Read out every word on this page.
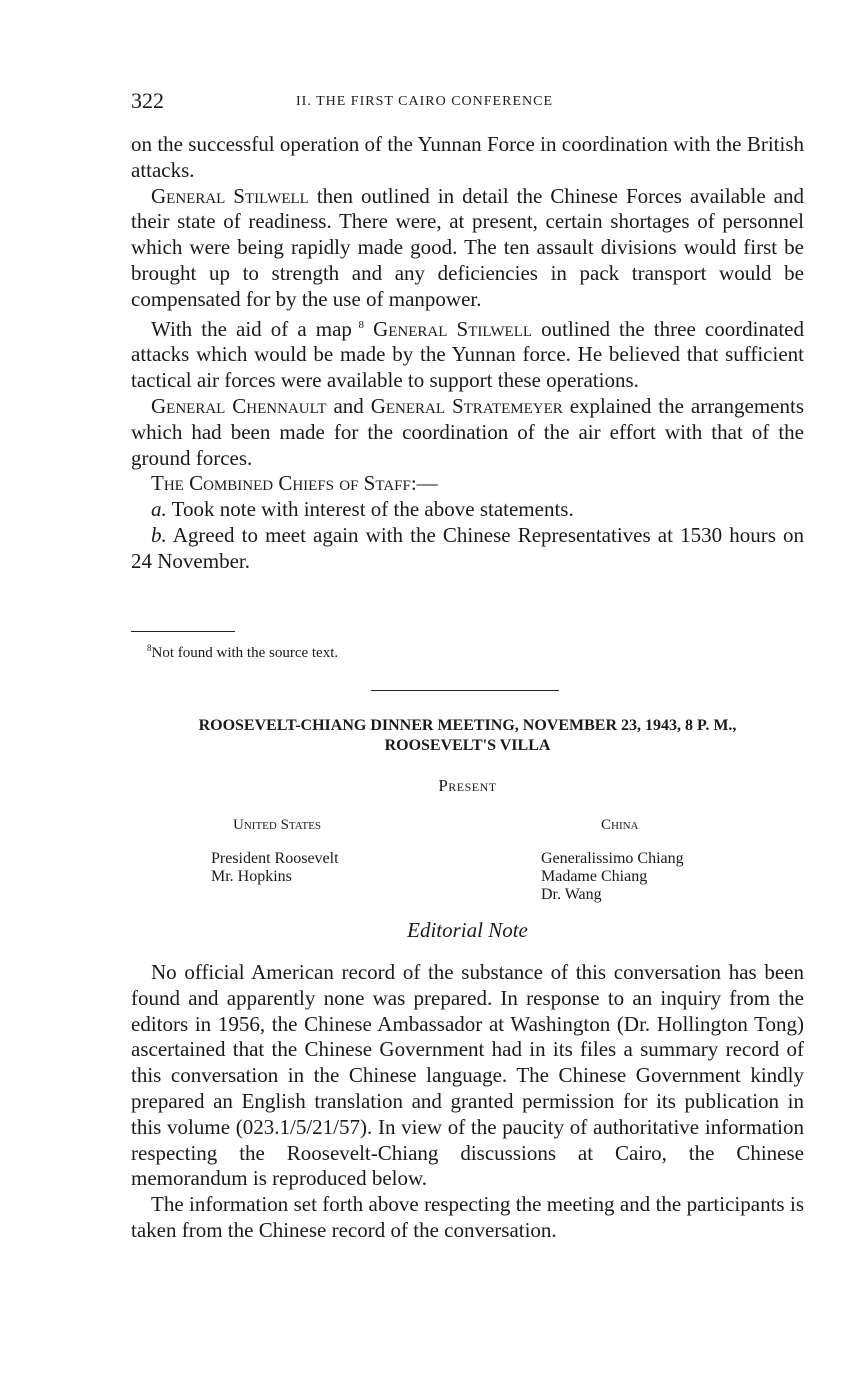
322	II. THE FIRST CAIRO CONFERENCE

on the successful operation of the Yunnan Force in coordination with the British attacks.

General Stilwell then outlined in detail the Chinese Forces available and their state of readiness. There were, at present, certain shortages of personnel which were being rapidly made good. The ten assault divisions would first be brought up to strength and any deficiencies in pack transport would be compensated for by the use of manpower.

With the aid of a map $^8$ General Stilwell outlined the three coordinated attacks which would be made by the Yunnan force. He believed that sufficient tactical air forces were available to support these operations.

General Chennault and General Stratemeyer explained the arrangements which had been made for the coordination of the air effort with that of the ground forces.

The Combined Chiefs of Staff:—

a. Took note with interest of the above statements.

b. Agreed to meet again with the Chinese Representatives at 1530 hours on 24 November.

$^8$Not found with the source text.
ROOSEVELT-CHIANG DINNER MEETING, NOVEMBER 23, 1943, 8 P. M.,
ROOSEVELT'S VILLA
Present
United States
President Roosevelt
Mr. Hopkins
China
Generalissimo Chiang
Madame Chiang
Dr. Wang
Editorial Note

No official American record of the substance of this conversation has been found and apparently none was prepared. In response to an inquiry from the editors in 1956, the Chinese Ambassador at Washington (Dr. Hollington Tong) ascertained that the Chinese Government had in its files a summary record of this conversation in the Chinese language. The Chinese Government kindly prepared an English translation and granted permission for its publication in this volume (023.1/5/21/57). In view of the paucity of authoritative information respecting the Roosevelt-Chiang discussions at Cairo, the Chinese memorandum is reproduced below.

The information set forth above respecting the meeting and the participants is taken from the Chinese record of the conversation.
